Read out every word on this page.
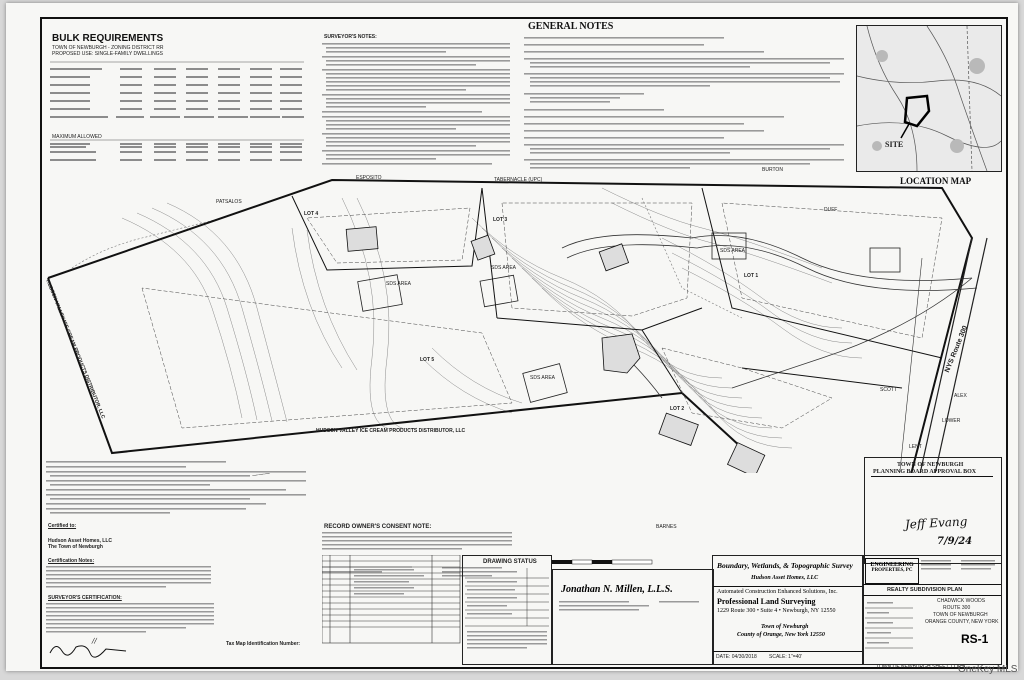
BULK REQUIREMENTS
TOWN OF NEWBURGH - ZONING DISTRICT RR
PROPOSED USE: SINGLE-FAMILY DWELLINGS
MAXIMUM ALLOWED
SURVEYOR'S NOTES:
GENERAL NOTES
SITE
LOCATION MAP
LOT 4
LOT 3
LOT 1
LOT 2
LOT 5
SDS AREA
SDS AREA
SDS AREA
SDS AREA
HUDSON VALLEY ICE CREAM PRODUCTS DISTRIBUTOR, LLC
HUDSON VALLEY ICE CREAM PRODUCTS DISTRIBUTOR, LLC	NYS Route 300
PATSALOS
ESPOSITO	TABERNACLE (UPC)
BURTON
DUFF
SCOTT
ALEX
LOWER
LENT
BARNES
TOWN OF NEWBURGH
PLANNING BOARD APPROVAL BOX
Jeff Evang
7/9/24
———
Certified to:
Hudson Asset Homes, LLC
The Town of Newburgh
Certification Notes:
SURVEYOR'S CERTIFICATION:
∕∕	Tax Map Identification Number:
RECORD OWNER'S CONSENT NOTE:
DRAWING STATUS
Jonathan N. Millen, L.L.S.
Boundary, Wetlands, & Topographic Survey
Hudson Asset Homes, LLC
Automated Construction Enhanced Solutions, Inc.
Professional Land Surveying
1229 Route 300 • Suite 4 • Newburgh, NY 12550
Town of Newburgh
County of Orange, New York 12550
DATE: 04/30/2018 SCALE: 1"=40'
ENGINEERING
PROPERTIES, PC
REALTY SUBDIVISION PLAN
CHADWICK WOODS
ROUTE 300
TOWN OF NEWBURGH
ORANGE COUNTY, NEW YORK
RS-1
TOWN OF NEWBURGH SHEET 1 OF 8
OneKey MLS
